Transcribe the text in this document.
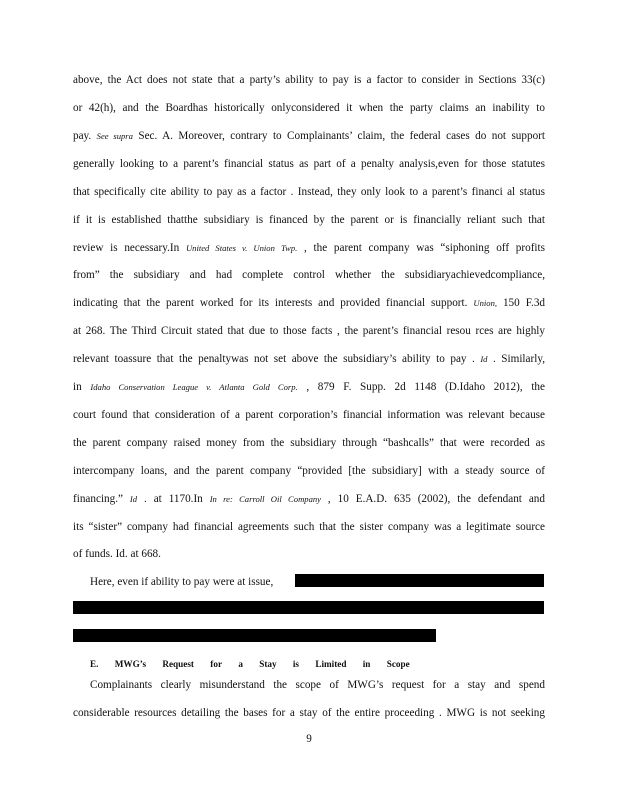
above, the Act does not state that a party’s ability to pay is a factor to consider in Sections 33(c)
or 42(h), and the Boardhas historically onlyconsidered it when the party claims an inability to
pay. See supra Sec. A. Moreover, contrary to Complainants’ claim, the federal cases do not support
generally looking to a parent’s financial status as part of a penalty analysis,even for those statutes
that specifically cite ability to pay as a factor . Instead, they only look to a parent’s financi al status
if it is established thatthe subsidiary is financed by the parent or is financially reliant such that
review is necessary.In United States v. Union Twp. , the parent company was “siphoning off profits
from” the subsidiary and had complete control whether the subsidiaryachievedcompliance,
indicating that the parent worked for its interests and provided financial support. Union, 150 F.3d
at 268. The Third Circuit stated that due to those facts , the parent’s financial resou rces are highly
relevant toassure that the penaltywas not set above the subsidiary’s ability to pay . Id . Similarly,
in Idaho Conservation League v. Atlanta Gold Corp. , 879 F. Supp. 2d 1148 (D.Idaho 2012), the
court found that consideration of a parent corporation’s financial information was relevant because
the parent company raised money from the subsidiary through “bashcalls” that were recorded as
intercompany loans, and the parent company “provided [the subsidiary] with a steady source of
financing.” Id . at 1170.In In re: Carroll Oil Company , 10 E.A.D. 635 (2002), the defendant and
its “sister” company had financial agreements such that the sister company was a legitimate source
of funds. Id. at 668.
Here, even if ability to pay were at issue,
E. MWG’s Request for a Stay is Limited in Scope
Complainants clearly misunderstand the scope of MWG’s request for a stay and spend
considerable resources detailing the bases for a stay of the entire proceeding . MWG is not seeking
9
